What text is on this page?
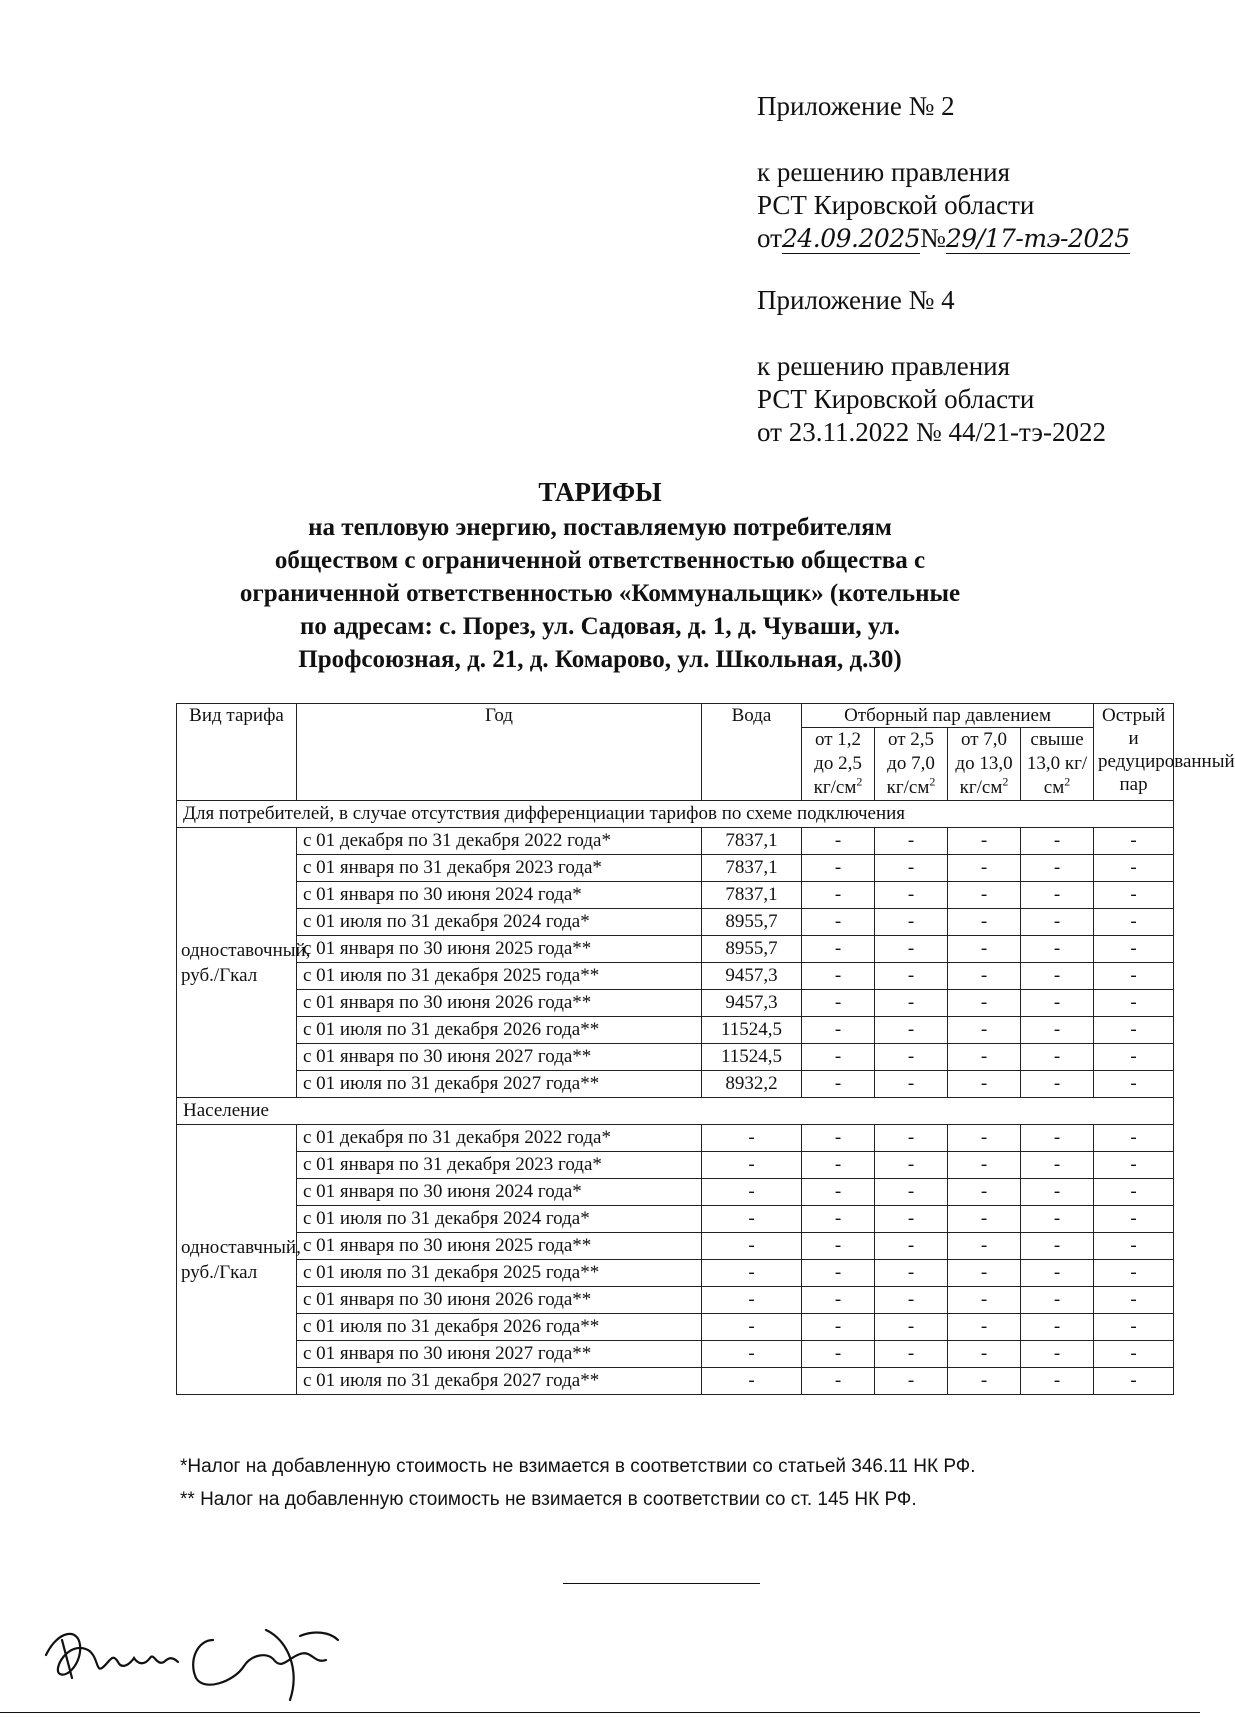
Приложение № 2

к решению правления

РСТ Кировской области

от24.09.2025№29/17-тэ-2025

Приложение № 4

к решению правления

РСТ Кировской области

от 23.11.2022 № 44/21-тэ-2022

ТАРИФЫ

на тепловую энергию, поставляемую потребителям

обществом с ограниченной ответственностью общества с

ограниченной ответственностью «Коммунальщик» (котельные

по адресам: с. Порез, ул. Садовая, д. 1, д. Чуваши, ул.

Профсоюзная, д. 21, д. Комарово, ул. Школьная, д.30)

Вид тарифа	Год	Вода	Отборный пар давлением				Острый и редуцированный пар
			от 1,2 до 2,5 $кг/см^2$	от 2,5 до 7,0 $кг/см^2$	от 7,0 до 13,0 $кг/см^2$	свыше 13,0 $кг/см^2$
Для потребителей, в случае отсутствия дифференциации тарифов по схеме подключения							
одноставочный, руб./Гкал	с 01 декабря по 31 декабря 2022 года*	7837,1	-	-	-	-	-
	с 01 января по 31 декабря 2023 года*	7837,1	-	-	-	-	-
	с 01 января по 30 июня 2024 года*	7837,1	-	-	-	-	-
	с 01 июля по 31 декабря 2024 года*	8955,7	-	-	-	-	-
	с 01 января по 30 июня 2025 года**	8955,7	-	-	-	-	-
	с 01 июля по 31 декабря 2025 года**	9457,3	-	-	-	-	-
	с 01 января по 30 июня 2026 года**	9457,3	-	-	-	-	-
	с 01 июля по 31 декабря 2026 года**	11524,5	-	-	-	-	-
	с 01 января по 30 июня 2027 года**	11524,5	-	-	-	-	-
	с 01 июля по 31 декабря 2027 года**	8932,2	-	-	-	-	-
Население							
одноставчный, руб./Гкал	с 01 декабря по 31 декабря 2022 года*	-	-	-	-	-	-
	с 01 января по 31 декабря 2023 года*	-	-	-	-	-	-
	с 01 января по 30 июня 2024 года*	-	-	-	-	-	-
	с 01 июля по 31 декабря 2024 года*	-	-	-	-	-	-
	с 01 января по 30 июня 2025 года**	-	-	-	-	-	-
	с 01 июля по 31 декабря 2025 года**	-	-	-	-	-	-
	с 01 января по 30 июня 2026 года**	-	-	-	-	-	-
	с 01 июля по 31 декабря 2026 года**	-	-	-	-	-	-
	с 01 января по 30 июня 2027 года**	-	-	-	-	-	-
	с 01 июля по 31 декабря 2027 года**	-	-	-	-	-	-
*Налог на добавленную стоимость не взимается в соответствии со статьей 346.11 НК РФ.
** Налог на добавленную стоимость не взимается в соответствии со ст. 145 НК РФ.
